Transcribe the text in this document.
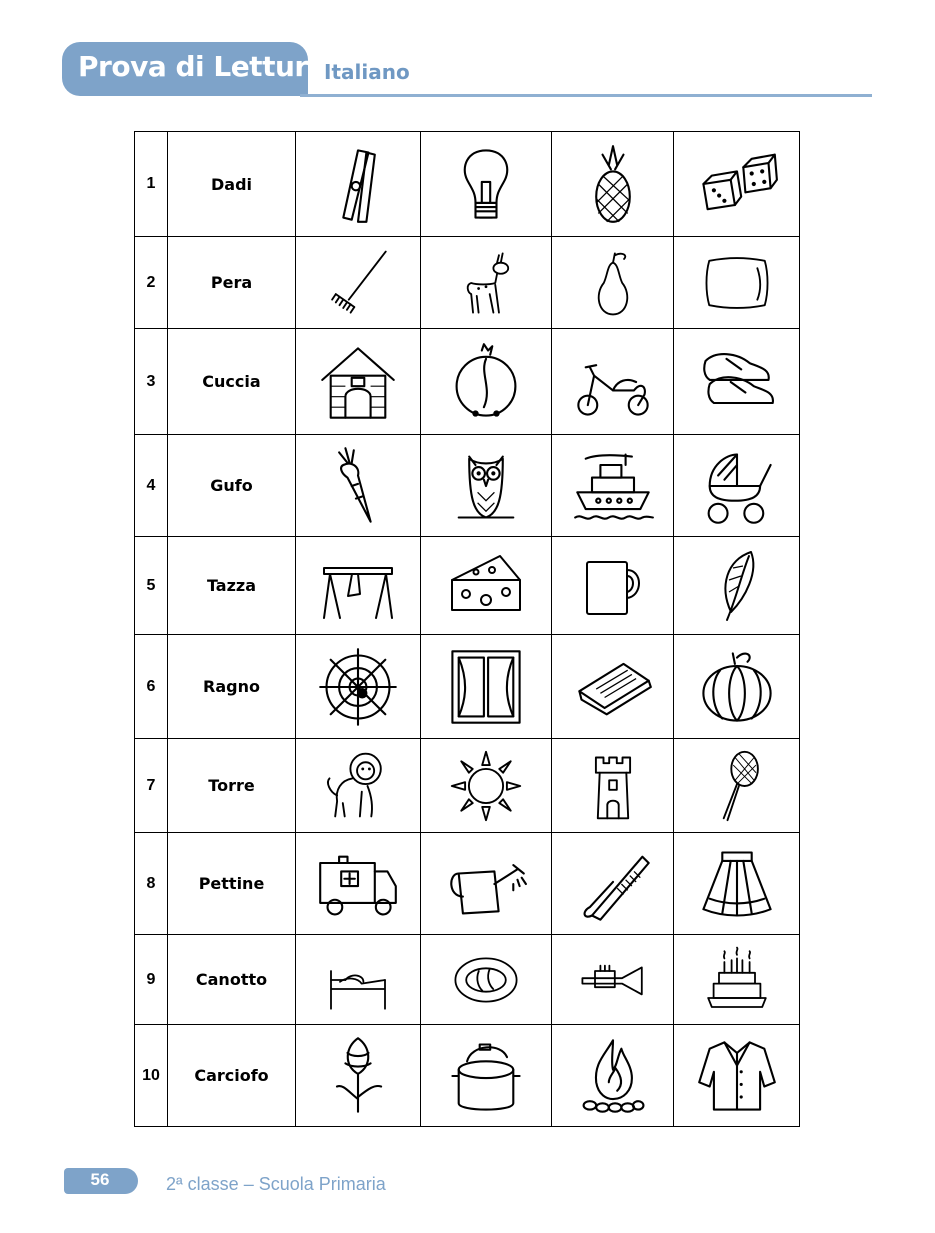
Prova di Lettura
Italiano
1	Dadi	

2	Pera	

3	Cuccia	

4	Gufo	

5	Tazza	

6	Ragno	

7	Torre	

8	Pettine	

9	Canotto	

10	Carciofo	

56	2ª classe – Scuola Primaria
